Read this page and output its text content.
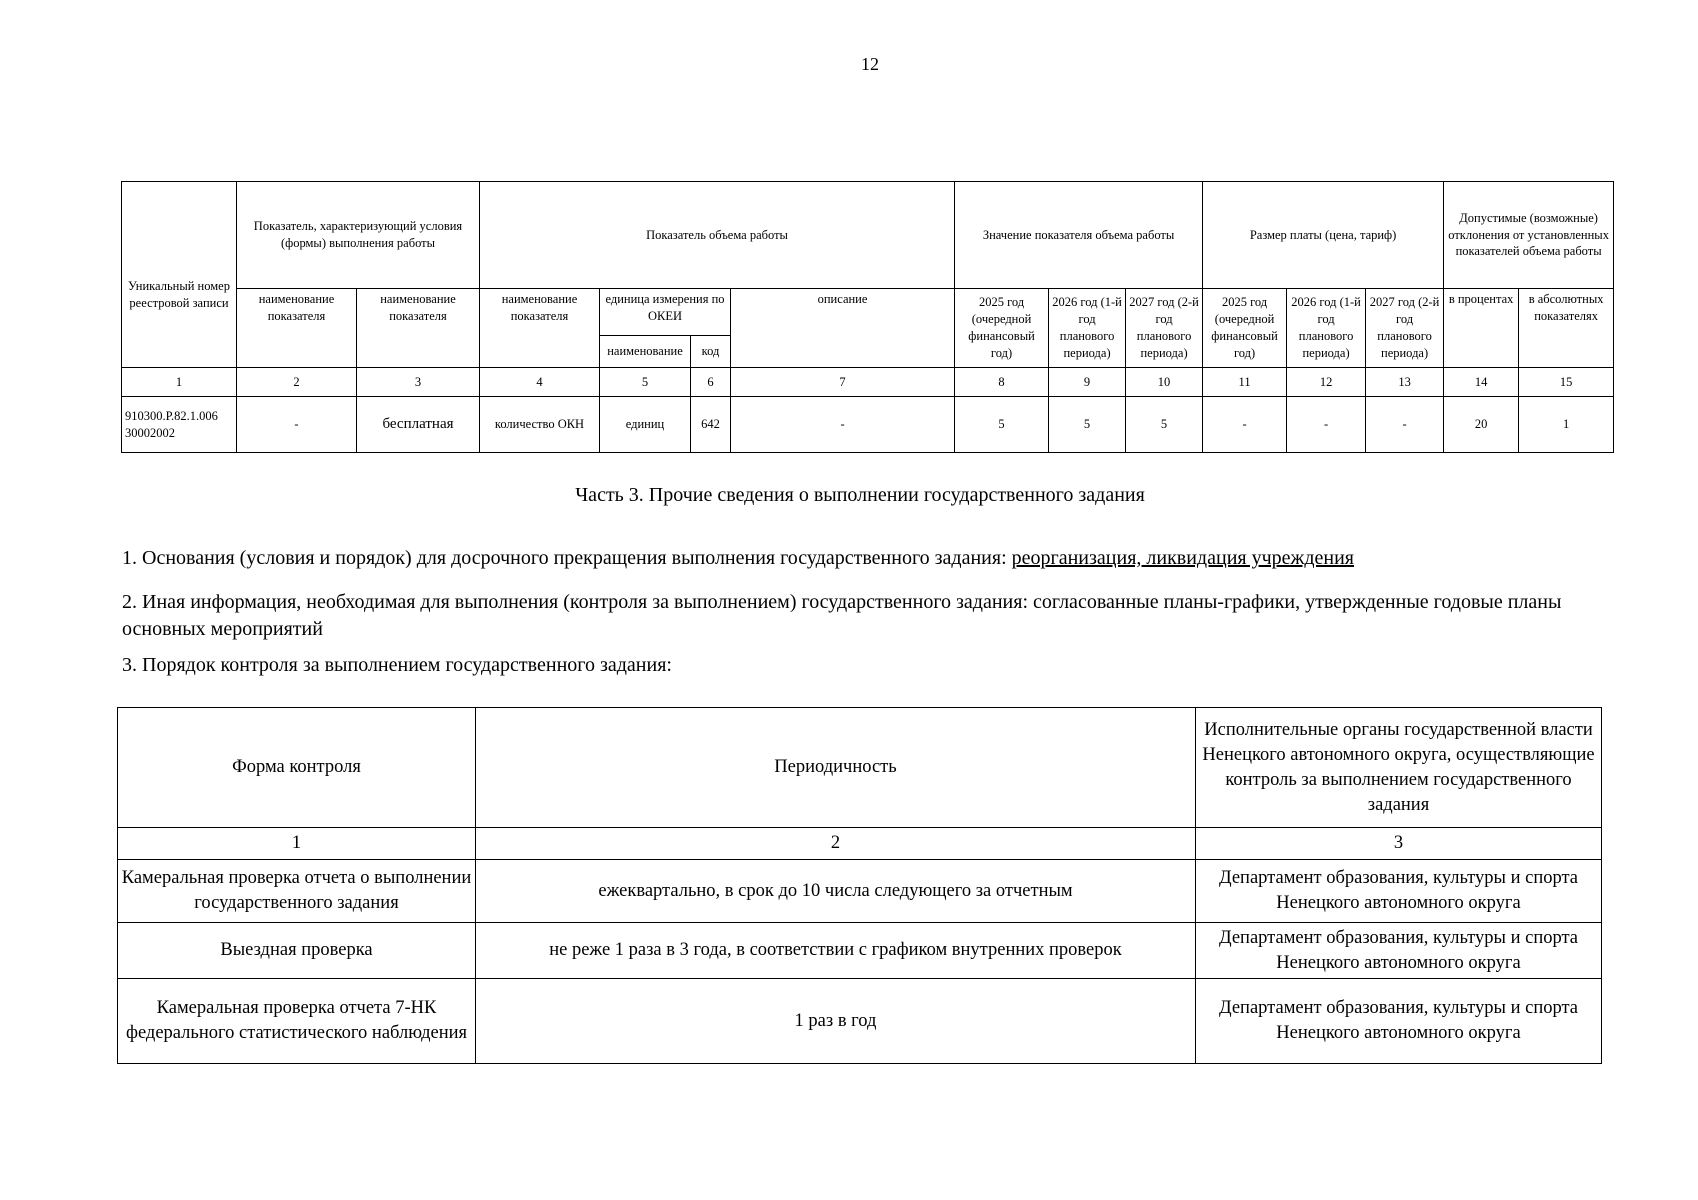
12
Уникальный номер реестровой записи	Показатель, характеризующий условия (формы) выполнения работы		Показатель объема работы				Значение показателя объема работы			Размер платы (цена, тариф)			Допустимые (возможные) отклонения от установленных показателей объема работы	
	наименование показателя	наименование показателя	наименование показателя	единица измерения по ОКЕИ		описание	2025 год (очередной финансовый год)	2026 год (1-й год планового периода)	2027 год (2-й год планового периода)	2025 год (очередной финансовый год)	2026 год (1-й год планового периода)	2027 год (2-й год планового периода)	в процентах	в абсолютных показателях
				наименование	код									
1	2	3	4	5	6	7	8	9	10	11	12	13	14	15
910300.Р.82.1.006 30002002	-	бесплатная	количество ОКН	единиц	642	-	5	5	5	-	-	-	20	1
Часть 3. Прочие сведения о выполнении государственного задания
1. Основания (условия и порядок) для досрочного прекращения выполнения государственного задания: реорганизация, ликвидация учреждения
2. Иная информация, необходимая для выполнения (контроля за выполнением) государственного задания: согласованные планы-графики, утвержденные годовые планы основных мероприятий
3. Порядок контроля за выполнением государственного задания:
Форма контроля	Периодичность	Исполнительные органы государственной власти Ненецкого автономного округа, осуществляющие контроль за выполнением государственного задания
1	2	3
Камеральная проверка отчета о выполнении государственного задания	ежеквартально, в срок до 10 числа следующего за отчетным	Департамент образования, культуры и спорта Ненецкого автономного округа
Выездная проверка	не реже 1 раза в 3 года, в соответствии с графиком внутренних проверок	Департамент образования, культуры и спорта Ненецкого автономного округа
Камеральная проверка отчета 7-НК федерального статистического наблюдения	1 раз в год	Департамент образования, культуры и спорта Ненецкого автономного округа
